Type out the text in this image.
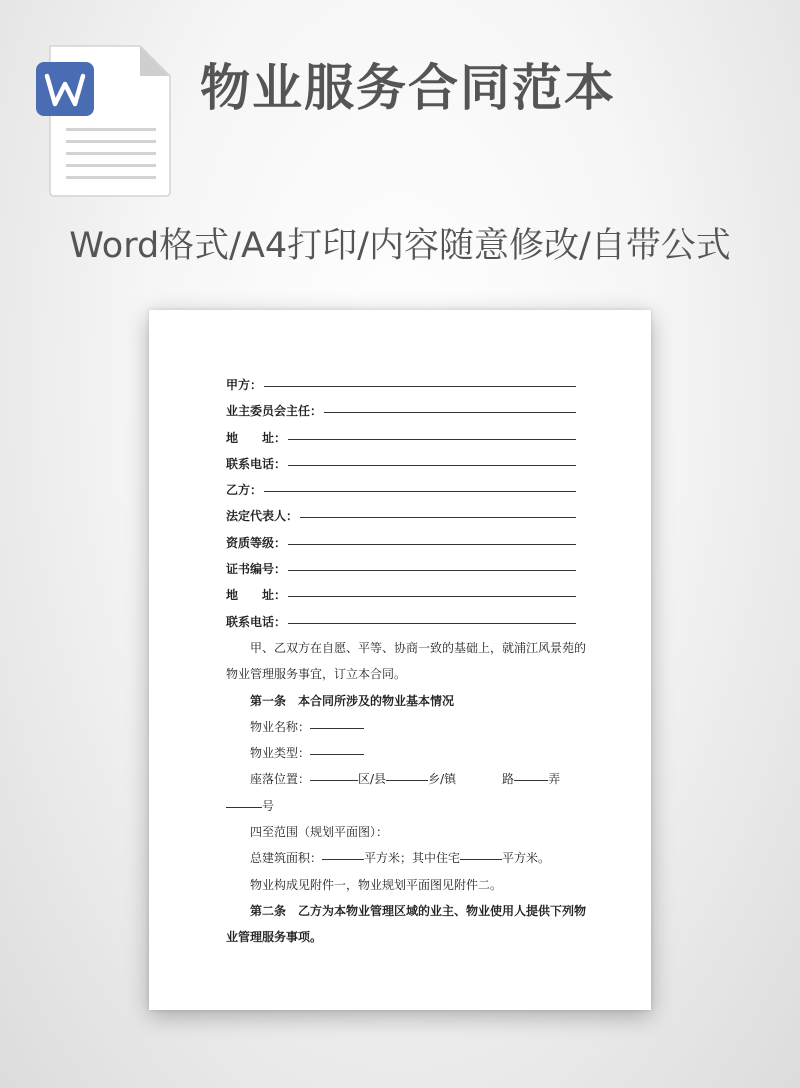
物业服务合同范本
Word格式/A4打印/内容随意修改/自带公式
甲方：
业主委员会主任：
地　　址：
联系电话：
乙方：
法定代表人：
资质等级：
证书编号：
地　　址：
联系电话：
甲、乙双方在自愿、平等、协商一致的基础上，就浦江风景苑的
物业管理服务事宜，订立本合同。
第一条　本合同所涉及的物业基本情况
物业名称：
物业类型：
座落位置：	区/县	乡/镇	路	弄
号
四至范围（规划平面图）：
总建筑面积：	平方米；其中住宅	平方米。
物业构成见附件一，物业规划平面图见附件二。
第二条　乙方为本物业管理区域的业主、物业使用人提供下列物
业管理服务事项。
